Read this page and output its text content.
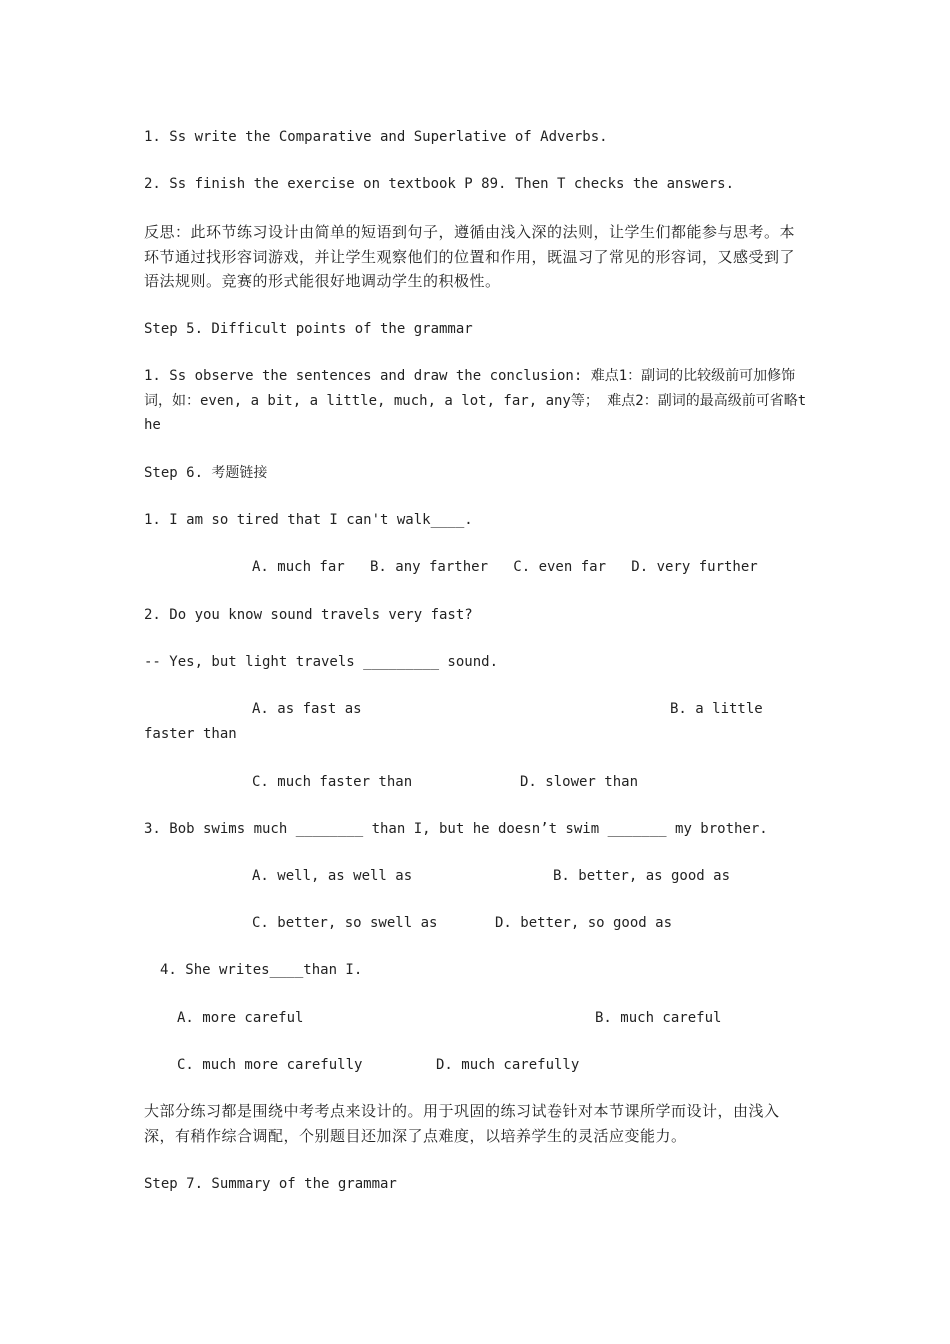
1. Ss write the Comparative and Superlative of Adverbs.

2. Ss finish the exercise on textbook P 89. Then T checks the answers.

反思：此环节练习设计由简单的短语到句子，遵循由浅入深的法则，让学生们都能参与思考。本环节通过找形容词游戏，并让学生观察他们的位置和作用，既温习了常见的形容词，又感受到了语法规则。竞赛的形式能很好地调动学生的积极性。

Step 5. Difficult points of the grammar

1. Ss observe the sentences and draw the conclusion: 难点1：副词的比较级前可加修饰词，如：even, a bit, a little, much, a lot, far, any等； 难点2：副词的最高级前可省略the

Step 6. 考题链接

1. I am so tired that I can't walk____.

A. much far   B. any farther   C. even far   D. very further

2. Do you know sound travels very fast?

-- Yes, but light travels _________ sound.

A. as fast as	B. a little

faster than

C. much faster than	D. slower than

3. Bob swims much ________ than I, but he doesn’t swim _______ my brother.

A. well, as well as	B. better, as good as

C. better, so swell as	D. better, so good as

4. She writes____than I.

A. more careful	B. much careful

C. much more carefully	D. much carefully

大部分练习都是围绕中考考点来设计的。用于巩固的练习试卷针对本节课所学而设计，由浅入深，有稍作综合调配，个别题目还加深了点难度，以培养学生的灵活应变能力。

Step 7. Summary of the grammar
